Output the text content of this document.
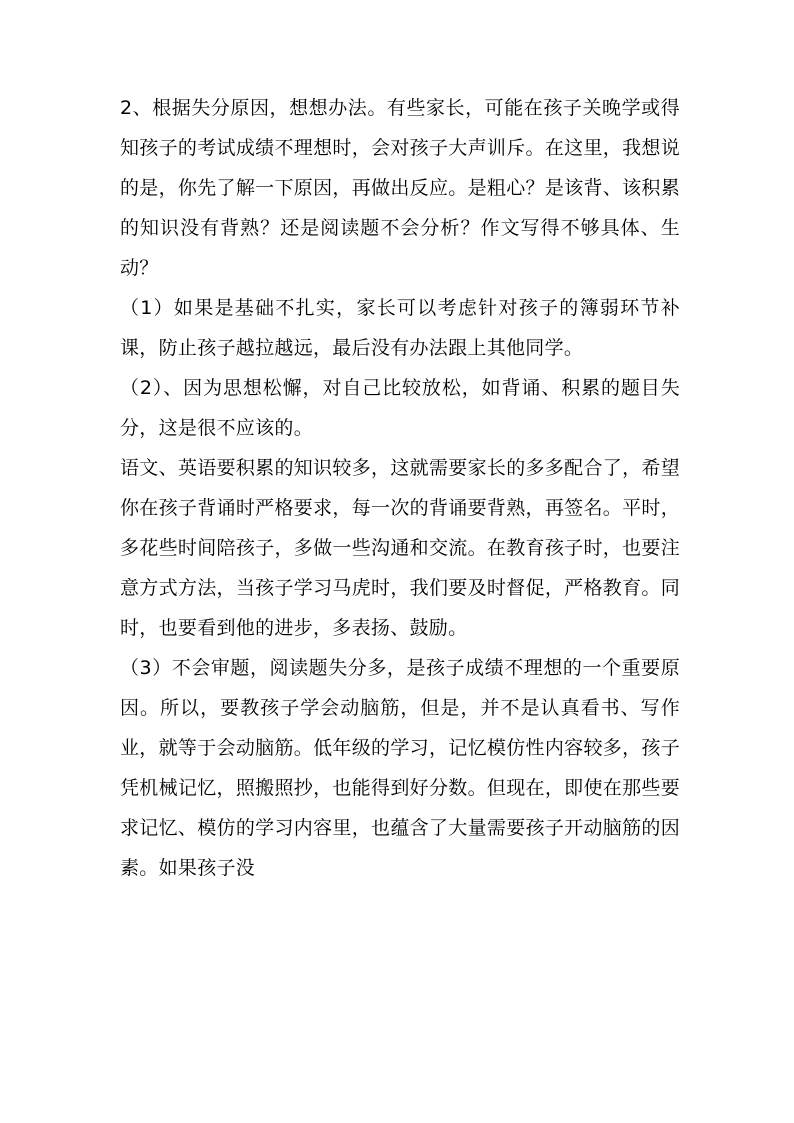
2、根据失分原因，想想办法。有些家长，可能在孩子关晚学或得知孩子的考试成绩不理想时，会对孩子大声训斥。在这里，我想说的是，你先了解一下原因，再做出反应。是粗心？是该背、该积累的知识没有背熟？还是阅读题不会分析？作文写得不够具体、生动？

（1）如果是基础不扎实，家长可以考虑针对孩子的簿弱环节补课，防止孩子越拉越远，最后没有办法跟上其他同学。

（2）、因为思想松懈，对自己比较放松，如背诵、积累的题目失分，这是很不应该的。

语文、英语要积累的知识较多，这就需要家长的多多配合了，希望你在孩子背诵时严格要求，每一次的背诵要背熟，再签名。平时，多花些时间陪孩子，多做一些沟通和交流。在教育孩子时，也要注意方式方法，当孩子学习马虎时，我们要及时督促，严格教育。同时，也要看到他的进步，多表扬、鼓励。

（3）不会审题，阅读题失分多，是孩子成绩不理想的一个重要原因。所以，要教孩子学会动脑筋，但是，并不是认真看书、写作业，就等于会动脑筋。低年级的学习，记忆模仿性内容较多，孩子凭机械记忆，照搬照抄，也能得到好分数。但现在，即使在那些要求记忆、模仿的学习内容里，也蕴含了大量需要孩子开动脑筋的因素。如果孩子没
